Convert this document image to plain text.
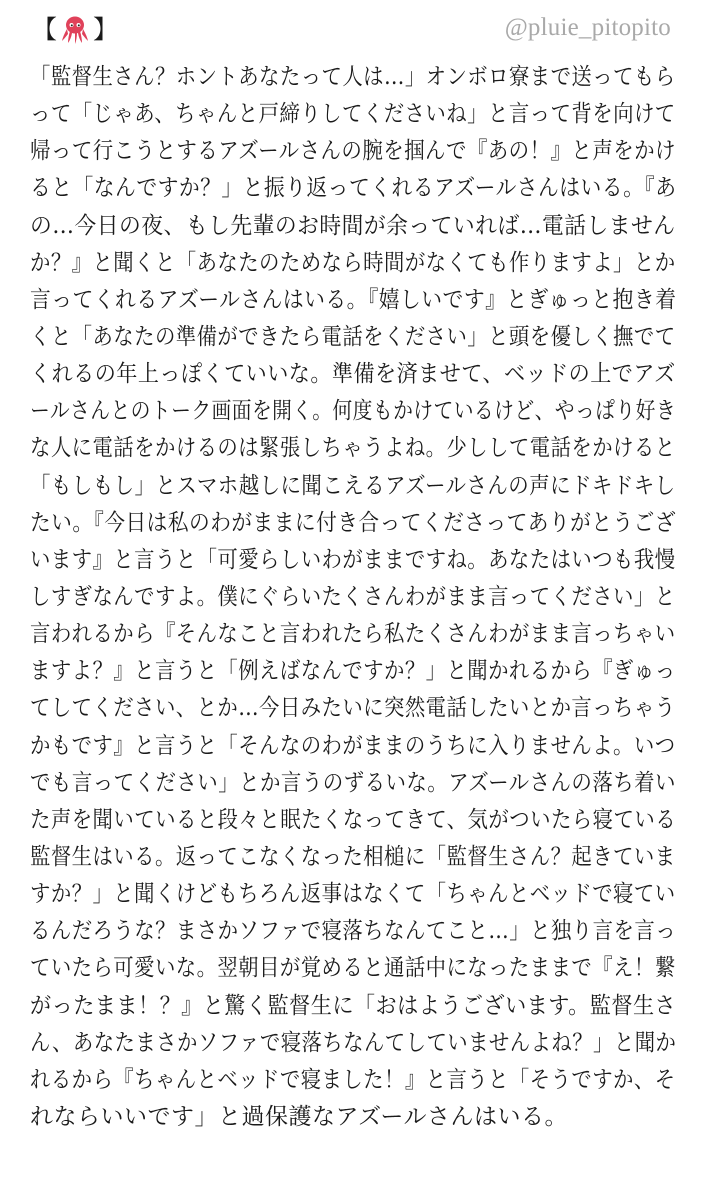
【 】	@pluie_pitopito
「監督生さん？ホントあなたって人は…」オンボロ寮まで送ってもら
って「じゃあ、ちゃんと戸締りしてくださいね」と言って背を向けて
帰って行こうとするアズールさんの腕を掴んで『あの！』と声をかけ
ると「なんですか？」と振り返ってくれるアズールさんはいる。『あ
の…今日の夜、もし先輩のお時間が余っていれば…電話しません
か？』と聞くと「あなたのためなら時間がなくても作りますよ」とか
言ってくれるアズールさんはいる。『嬉しいです』とぎゅっと抱き着
くと「あなたの準備ができたら電話をください」と頭を優しく撫でて
くれるの年上っぽくていいな。準備を済ませて、ベッドの上でアズ
ールさんとのトーク画面を開く。何度もかけているけど、やっぱり好き
な人に電話をかけるのは緊張しちゃうよね。少しして電話をかけると
「もしもし」とスマホ越しに聞こえるアズールさんの声にドキドキし
たい。『今日は私のわがままに付き合ってくださってありがとうござ
います』と言うと「可愛らしいわがままですね。あなたはいつも我慢
しすぎなんですよ。僕にぐらいたくさんわがまま言ってください」と
言われるから『そんなこと言われたら私たくさんわがまま言っちゃい
ますよ？』と言うと「例えばなんですか？」と聞かれるから『ぎゅっ
てしてください、とか…今日みたいに突然電話したいとか言っちゃう
かもです』と言うと「そんなのわがままのうちに入りませんよ。いつ
でも言ってください」とか言うのずるいな。アズールさんの落ち着い
た声を聞いていると段々と眠たくなってきて、気がついたら寝ている
監督生はいる。返ってこなくなった相槌に「監督生さん？起きていま
すか？」と聞くけどもちろん返事はなくて「ちゃんとベッドで寝てい
るんだろうな？まさかソファで寝落ちなんてこと…」と独り言を言っ
ていたら可愛いな。翌朝目が覚めると通話中になったままで『え！繋
がったまま！？』と驚く監督生に「おはようございます。監督生さ
ん、あなたまさかソファで寝落ちなんてしていませんよね？」と聞か
れるから『ちゃんとベッドで寝ました！』と言うと「そうですか、そ
れならいいです」と過保護なアズールさんはいる。
